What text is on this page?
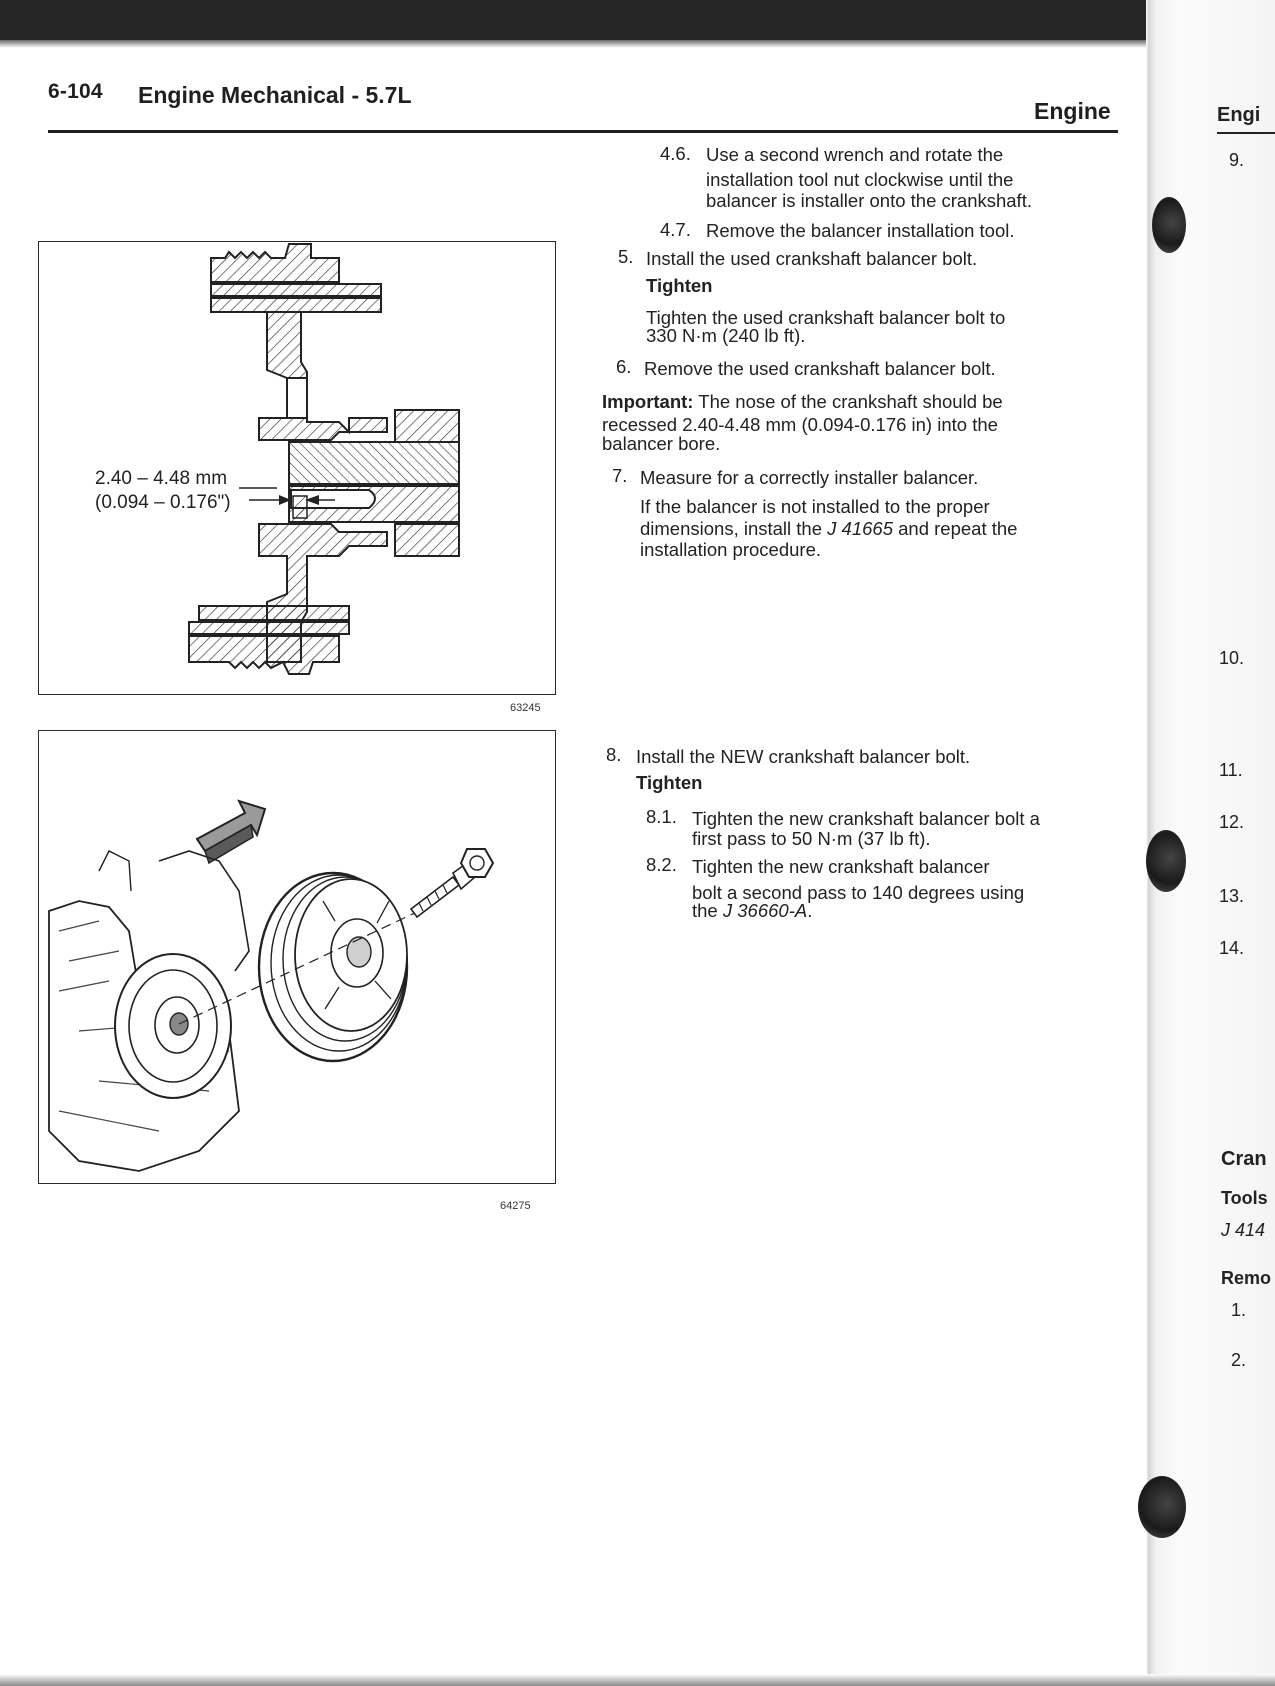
6-104 Engine Mechanical - 5.7L
Engine
2.40 – 4.48 mm
(0.094 – 0.176")
63245
64275
4.6. Use a second wrench and rotate the
installation tool nut clockwise until the
balancer is installer onto the crankshaft.
4.7. Remove the balancer installation tool.
5. Install the used crankshaft balancer bolt.
Tighten
Tighten the used crankshaft balancer bolt to
330 N·m (240 lb ft).
6. Remove the used crankshaft balancer bolt.
Important: The nose of the crankshaft should be
recessed 2.40-4.48 mm (0.094-0.176 in) into the
balancer bore.
7. Measure for a correctly installer balancer.
If the balancer is not installed to the proper
dimensions, install the J 41665 and repeat the
installation procedure.
8. Install the NEW crankshaft balancer bolt.
Tighten
8.1. Tighten the new crankshaft balancer bolt a
first pass to 50 N·m (37 lb ft).
8.2. Tighten the new crankshaft balancer
bolt a second pass to 140 degrees using
the J 36660-A.
Engi
9.
10.
11.
12.
13.
14.
Cran
Tools
J 414
Remo
1.
2.
